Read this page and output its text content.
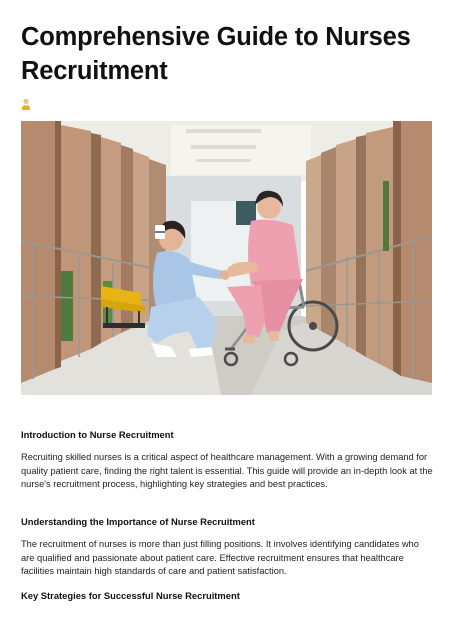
Comprehensive Guide to Nurses Recruitment
Introduction to Nurse Recruitment

Recruiting skilled nurses is a critical aspect of healthcare management. With a growing demand for quality patient care, finding the right talent is essential. This guide will provide an in-depth look at the nurse's recruitment process, highlighting key strategies and best practices.

Understanding the Importance of Nurse Recruitment

The recruitment of nurses is more than just filling positions. It involves identifying candidates who are qualified and passionate about patient care. Effective recruitment ensures that healthcare facilities maintain high standards of care and patient satisfaction.

Key Strategies for Successful Nurse Recruitment
